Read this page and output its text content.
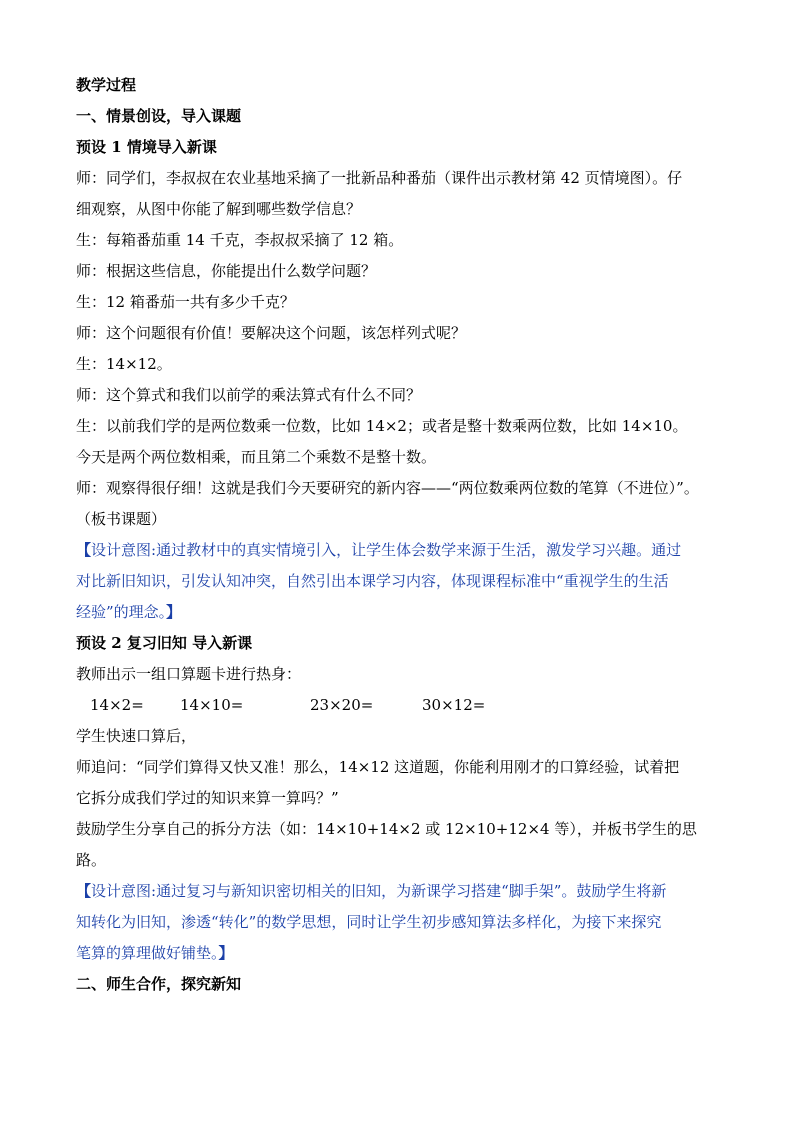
教学过程

一、情景创设，导入课题

预设 1 情境导入新课

师：同学们，李叔叔在农业基地采摘了一批新品种番茄（课件出示教材第 42 页情境图）。仔

细观察，从图中你能了解到哪些数学信息？

生：每箱番茄重 14 千克，李叔叔采摘了 12 箱。

师：根据这些信息，你能提出什么数学问题？

生：12 箱番茄一共有多少千克？

师：这个问题很有价值！要解决这个问题，该怎样列式呢？

生：14×12。

师：这个算式和我们以前学的乘法算式有什么不同？

生：以前我们学的是两位数乘一位数，比如 14×2；或者是整十数乘两位数，比如 14×10。

今天是两个两位数相乘，而且第二个乘数不是整十数。

师：观察得很仔细！这就是我们今天要研究的新内容——“两位数乘两位数的笔算（不进位）”。

（板书课题）

【设计意图:通过教材中的真实情境引入，让学生体会数学来源于生活，激发学习兴趣。通过

对比新旧知识，引发认知冲突，自然引出本课学习内容，体现课程标准中“重视学生的生活

经验”的理念。】

预设 2 复习旧知 导入新课

教师出示一组口算题卡进行热身：

14×2=	14×10=	23×20=	30×12=

学生快速口算后，

师追问：“同学们算得又快又准！那么，14×12 这道题，你能利用刚才的口算经验，试着把

它拆分成我们学过的知识来算一算吗？”

鼓励学生分享自己的拆分方法（如：14×10+14×2 或 12×10+12×4 等），并板书学生的思

路。

【设计意图:通过复习与新知识密切相关的旧知，为新课学习搭建“脚手架”。鼓励学生将新

知转化为旧知，渗透“转化”的数学思想，同时让学生初步感知算法多样化，为接下来探究

笔算的算理做好铺垫。】

二、师生合作，探究新知
